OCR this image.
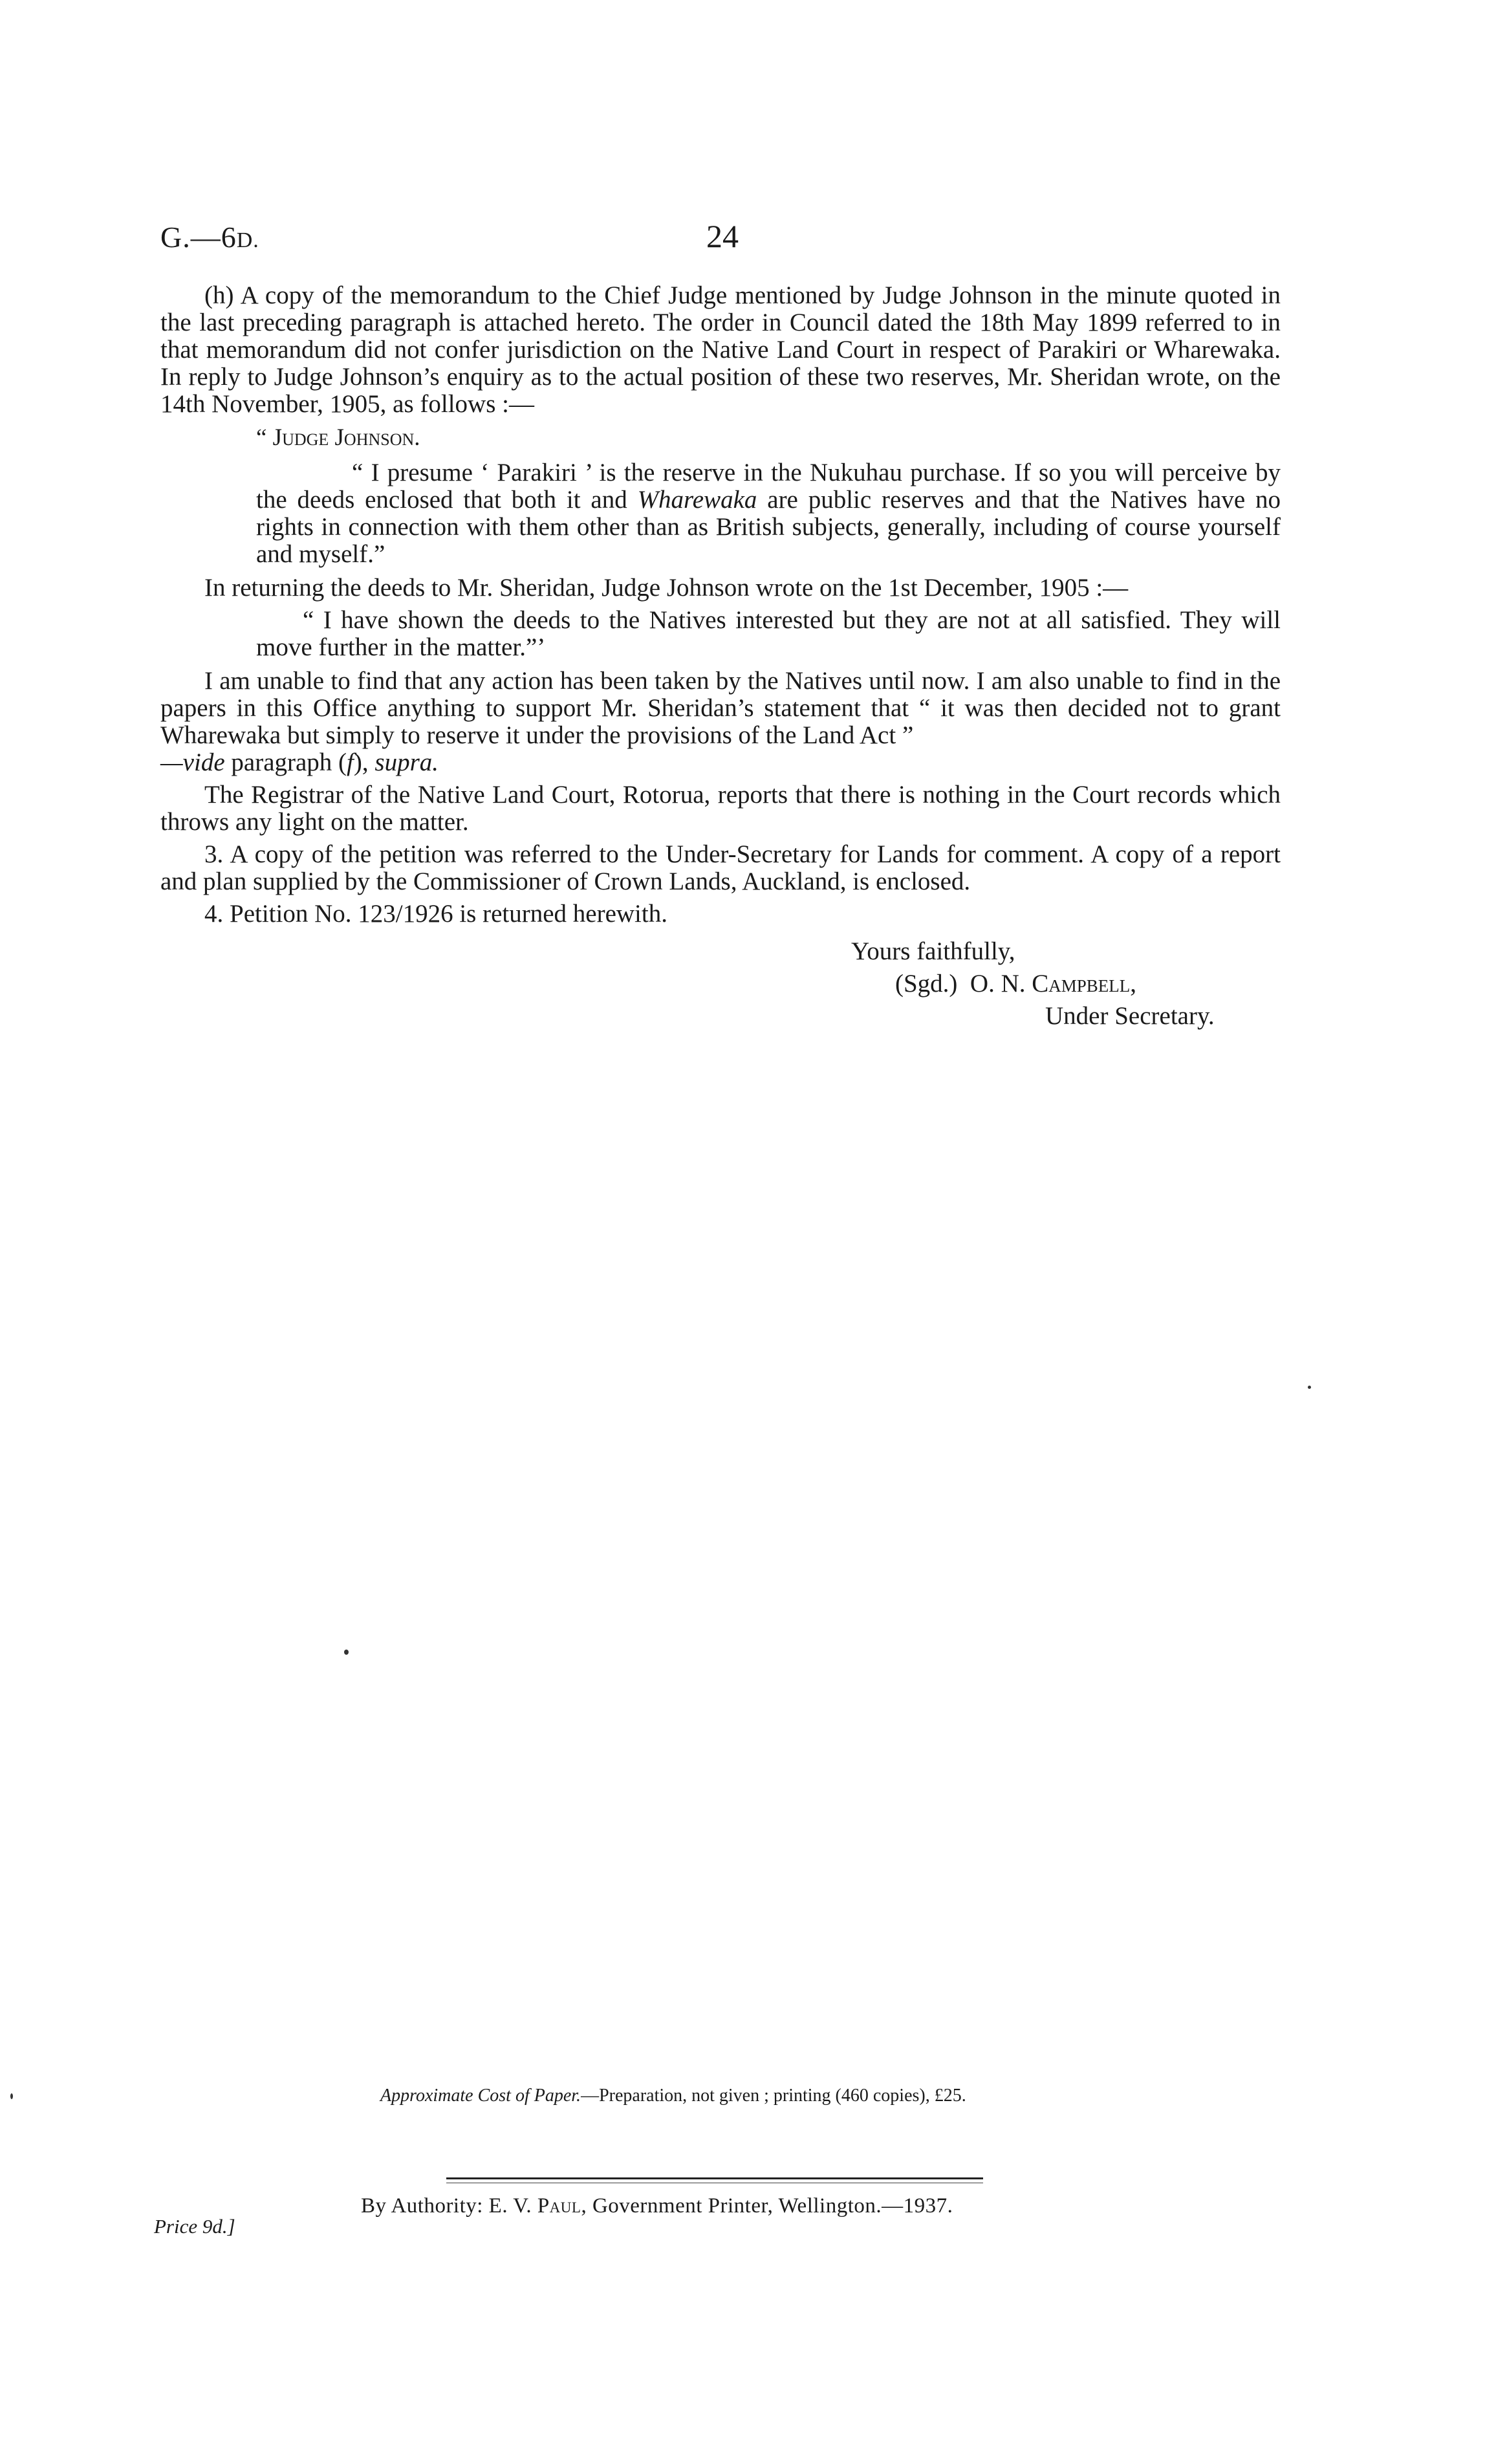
G.—6D.	24

(h) A copy of the memorandum to the Chief Judge mentioned by Judge Johnson in the minute quoted in the last preceding paragraph is attached hereto. The order in Council dated the 18th May 1899 referred to in that memorandum did not confer jurisdiction on the Native Land Court in respect of Parakiri or Wharewaka. In reply to Judge Johnson’s enquiry as to the actual position of these two reserves, Mr. Sheridan wrote, on the 14th November, 1905, as follows :—

“ Judge Johnson.
“ I presume ‘ Parakiri ’ is the reserve in the Nukuhau purchase. If so you will perceive by the deeds enclosed that both it and Wharewaka are public reserves and that the Natives have no rights in connection with them other than as British subjects, generally, including of course yourself and myself.”

In returning the deeds to Mr. Sheridan, Judge Johnson wrote on the 1st December, 1905 :—

“ I have shown the deeds to the Natives interested but they are not at all satisfied. They will move further in the matter.”’

I am unable to find that any action has been taken by the Natives until now. I am also unable to find in the papers in this Office anything to support Mr. Sheridan’s statement that “ it was then decided not to grant Wharewaka but simply to reserve it under the provisions of the Land Act ”
—vide paragraph (f), supra.

The Registrar of the Native Land Court, Rotorua, reports that there is nothing in the Court records which throws any light on the matter.

3. A copy of the petition was referred to the Under-Secretary for Lands for comment. A copy of a report and plan supplied by the Commissioner of Crown Lands, Auckland, is enclosed.

4. Petition No. 123/1926 is returned herewith.

Yours faithfully,
(Sgd.) O. N. Campbell,
Under Secretary.
Approximate Cost of Paper.—Preparation, not given ; printing (460 copies), £25.
By Authority: E. V. Paul, Government Printer, Wellington.—1937.
Price 9d.]
